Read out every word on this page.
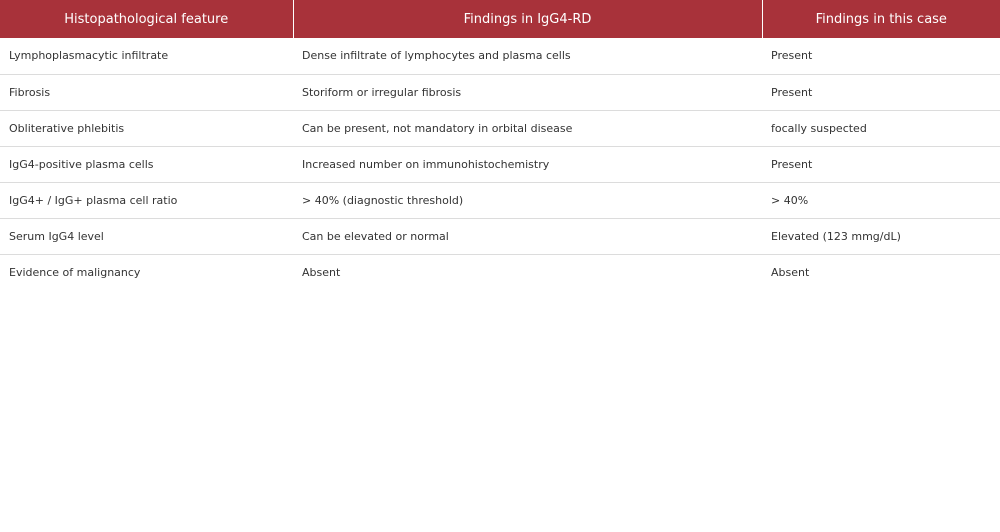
Histopathological feature	Findings in IgG4-RD	Findings in this case
Lymphoplasmacytic infiltrate	Dense infiltrate of lymphocytes and plasma cells	Present
Fibrosis	Storiform or irregular fibrosis	Present
Obliterative phlebitis	Can be present, not mandatory in orbital disease	focally suspected
IgG4-positive plasma cells	Increased number on immunohistochemistry	Present
IgG4+ / IgG+ plasma cell ratio	> 40% (diagnostic threshold)	> 40%
Serum IgG4 level	Can be elevated or normal	Elevated (123 mmg/dL)
Evidence of malignancy	Absent	Absent
